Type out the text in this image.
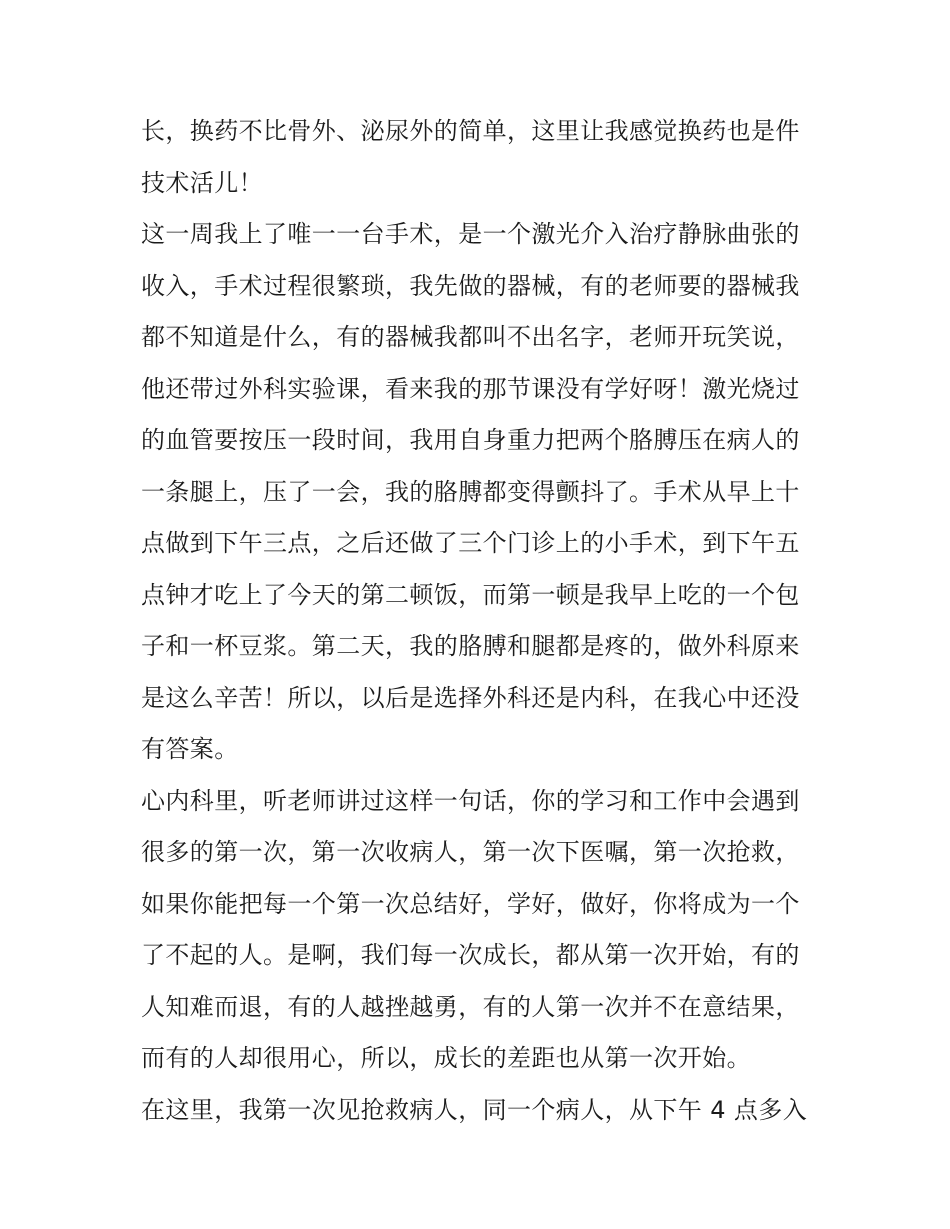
长，换药不比骨外、泌尿外的简单，这里让我感觉换药也是件
技术活儿！
这一周我上了唯一一台手术，是一个激光介入治疗静脉曲张的
收入，手术过程很繁琐，我先做的器械，有的老师要的器械我
都不知道是什么，有的器械我都叫不出名字，老师开玩笑说，
他还带过外科实验课，看来我的那节课没有学好呀！激光烧过
的血管要按压一段时间，我用自身重力把两个胳膊压在病人的
一条腿上，压了一会，我的胳膊都变得颤抖了。手术从早上十
点做到下午三点，之后还做了三个门诊上的小手术，到下午五
点钟才吃上了今天的第二顿饭，而第一顿是我早上吃的一个包
子和一杯豆浆。第二天，我的胳膊和腿都是疼的，做外科原来
是这么辛苦！所以，以后是选择外科还是内科，在我心中还没
有答案。
心内科里，听老师讲过这样一句话，你的学习和工作中会遇到
很多的第一次，第一次收病人，第一次下医嘱，第一次抢救，
如果你能把每一个第一次总结好，学好，做好，你将成为一个
了不起的人。是啊，我们每一次成长，都从第一次开始，有的
人知难而退，有的人越挫越勇，有的人第一次并不在意结果，
而有的人却很用心，所以，成长的差距也从第一次开始。
在这里，我第一次见抢救病人，同一个病人，从下午 4 点多入
